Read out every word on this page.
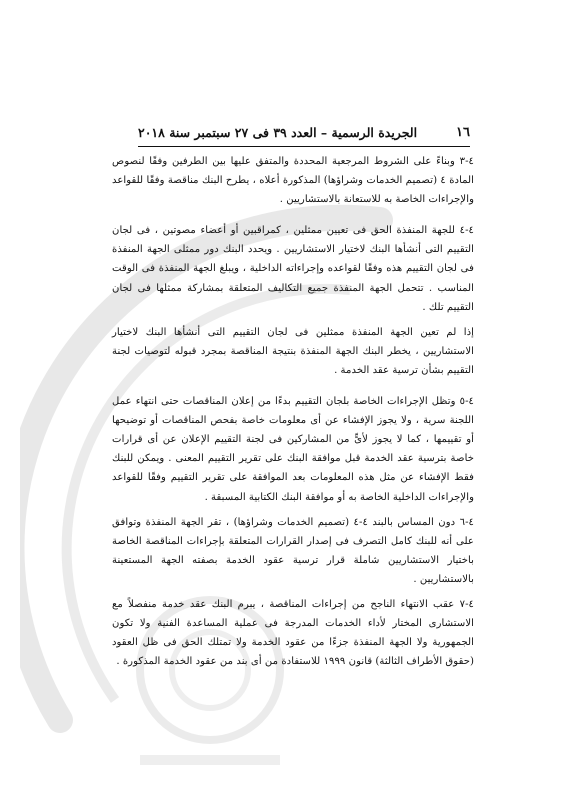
١٦
الجريدة الرسمية – العدد ٣٩ فى ٢٧ سبتمبر سنة ٢٠١٨

٤-٣ وبناءً على الشروط المرجعية المحددة والمتفق عليها بين الطرفين وفقًا لنصوص المادة ٤ (تصميم الخدمات وشراؤها) المذكورة أعلاه ، يطرح البنك مناقصة وفقًا للقواعد والإجراءات الخاصة به للاستعانة بالاستشاريين .

٤-٤ للجهة المنفذة الحق فى تعيين ممثلين ، كمراقبين أو أعضاء مصوتين ، فى لجان التقييم التى أنشأها البنك لاختيار الاستشاريين . ويحدد البنك دور ممثلى الجهة المنفذة فى لجان التقييم هذه وفقًا لقواعده وإجراءاته الداخلية ، ويبلغ الجهة المنفذة فى الوقت المناسب . تتحمل الجهة المنفذة جميع التكاليف المتعلقة بمشاركة ممثلها فى لجان التقييم تلك .

إذا لم تعين الجهة المنفذة ممثلين فى لجان التقييم التى أنشأها البنك لاختيار الاستشاريين ، يخطر البنك الجهة المنفذة بنتيجة المناقصة بمجرد قبوله لتوصيات لجنة التقييم بشأن ترسية عقد الخدمة .

٤-٥ وتظل الإجراءات الخاصة بلجان التقييم بدءًا من إعلان المناقصات حتى انتهاء عمل اللجنة سرية ، ولا يجوز الإفشاء عن أى معلومات خاصة بفحص المناقصات أو توضيحها أو تقييمها ، كما لا يجوز لأىٍّ من المشاركين فى لجنة التقييم الإعلان عن أى قرارات خاصة بترسية عقد الخدمة قبل موافقة البنك على تقرير التقييم المعنى . ويمكن للبنك فقط الإفشاء عن مثل هذه المعلومات بعد الموافقة على تقرير التقييم وفقًا للقواعد والإجراءات الداخلية الخاصة به أو موافقة البنك الكتابية المسبقة .

٤-٦ دون المساس بالبند ٤-٤ (تصميم الخدمات وشراؤها) ، تقر الجهة المنفذة وتوافق على أنه للبنك كامل التصرف فى إصدار القرارات المتعلقة بإجراءات المناقصة الخاصة باختيار الاستشاريين شاملة قرار ترسية عقود الخدمة بصفته الجهة المستعينة بالاستشاريين .

٤-٧ عقب الانتهاء الناجح من إجراءات المناقصة ، يبرم البنك عقد خدمة منفصلاً مع الاستشارى المختار لأداء الخدمات المدرجة فى عملية المساعدة الفنية ولا تكون الجمهورية ولا الجهة المنفذة جزءًا من عقود الخدمة ولا تمتلك الحق فى ظل العقود (حقوق الأطراف الثالثة) قانون ١٩٩٩ للاستفادة من أى بند من عقود الخدمة المذكورة .
